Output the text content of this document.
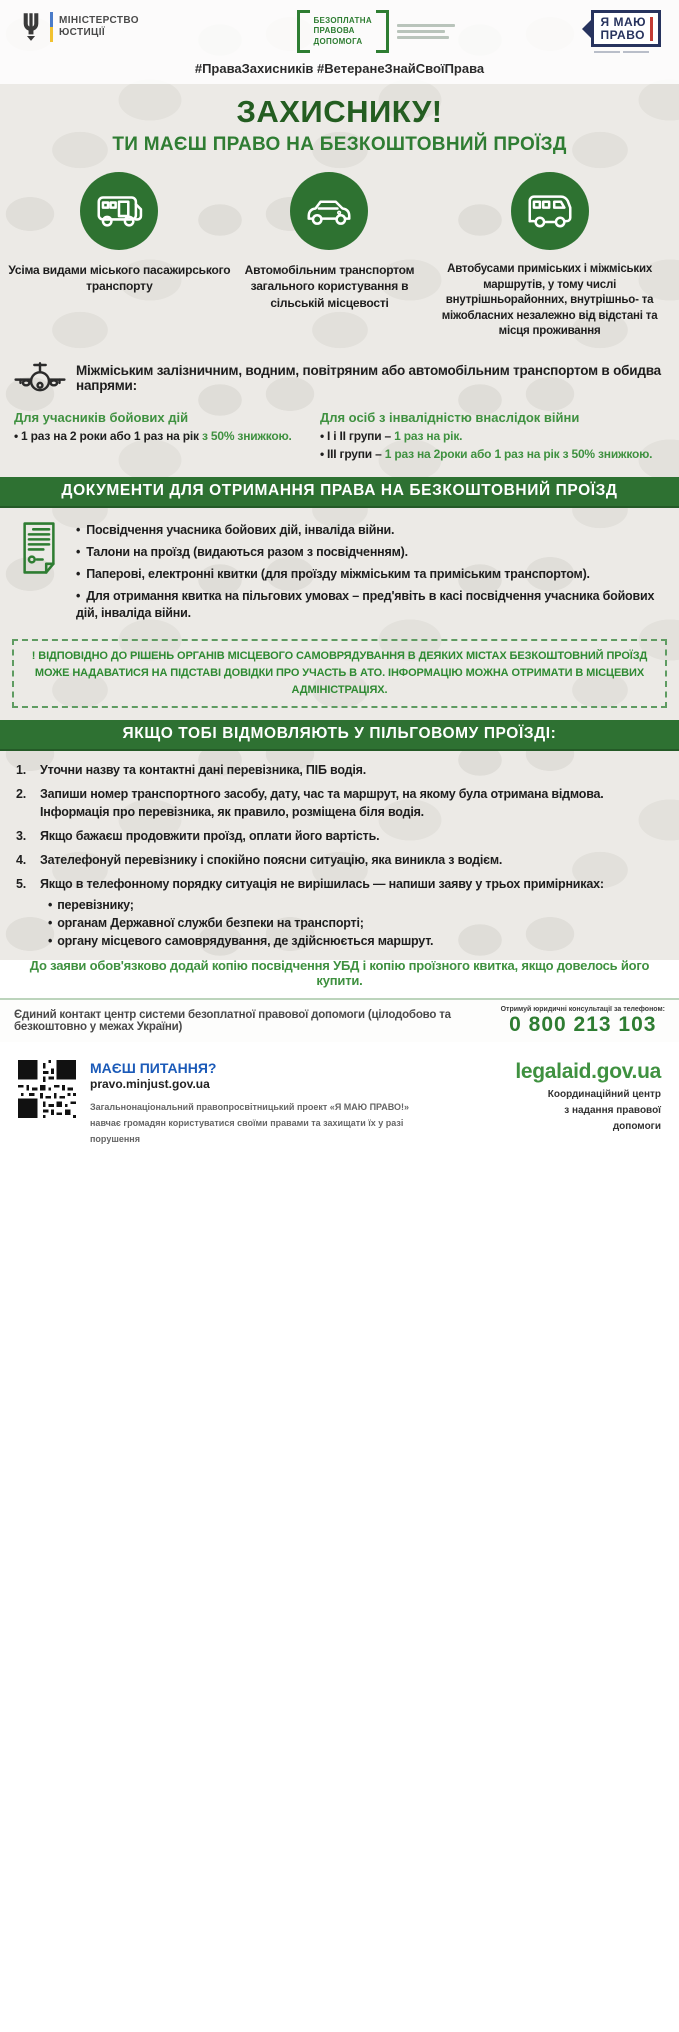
МІНІСТЕРСТВО
ЮСТИЦІЇ
БЕЗОПЛАТНА
ПРАВОВА
ДОПОМОГА
Я МАЮ
ПРАВО
#ПраваЗахисників #ВетеранеЗнайСвоїПрава
ЗАХИСНИКУ!
ТИ МАЄШ ПРАВО НА БЕЗКОШТОВНИЙ ПРОЇЗД
Усіма видами міського пасажирського транспорту
Автомобільним транспортом загального користування в сільській місцевості
Автобусами приміських і міжміських маршрутів, у тому числі внутрішньорайонних, внутрішньо- та міжобласних незалежно від відстані та місця проживання
Міжміським залізничним, водним, повітряним або автомобільним транспортом в обидва напрями:
Для учасників бойових дій
• 1 раз на 2 роки або 1 раз на рік з 50% знижкою.
Для осіб з інвалідністю внаслідок війни
• І і ІІ групи – 1 раз на рік.
• ІІІ групи – 1 раз на 2роки або 1 раз на рік з 50% знижкою.
ДОКУМЕНТИ ДЛЯ ОТРИМАННЯ ПРАВА НА БЕЗКОШТОВНИЙ ПРОЇЗД
• Посвідчення учасника бойових дій, інваліда війни.
• Талони на проїзд (видаються разом з посвідченням).
• Паперові, електронні квитки (для проїзду міжміським та приміським транспортом).
• Для отримання квитка на пільгових умовах – пред'явіть в касі посвідчення учасника бойових дій, інваліда війни.
! ВІДПОВІДНО ДО РІШЕНЬ ОРГАНІВ МІСЦЕВОГО САМОВРЯДУВАННЯ В ДЕЯКИХ МІСТАХ БЕЗКОШТОВНИЙ ПРОЇЗД МОЖЕ НАДАВАТИСЯ НА ПІДСТАВІ ДОВІДКИ ПРО УЧАСТЬ В АТО. ІНФОРМАЦІЮ МОЖНА ОТРИМАТИ В МІСЦЕВИХ АДМІНІСТРАЦІЯХ.
ЯКЩО ТОБІ ВІДМОВЛЯЮТЬ У ПІЛЬГОВОМУ ПРОЇЗДІ:
Уточни назву та контактні дані перевізника, ПІБ водія.
Запиши номер транспортного засобу, дату, час та маршрут, на якому була отримана відмова. Інформація про перевізника, як правило, розміщена біля водія.
Якщо бажаєш продовжити проїзд, оплати його вартість.
Зателефонуй перевізнику і спокійно поясни ситуацію, яка виникла з водієм.
Якщо в телефонному порядку ситуація не вирішилась — напиши заяву у трьох примірниках:
• перевізнику;
• органам Державної служби безпеки на транспорті;
• органу місцевого самоврядування, де здійснюється маршрут.
До заяви обов'язково додай копію посвідчення УБД і копію проїзного квитка, якщо довелось його купити.
Єдиний контакт центр системи безоплатної правової допомоги (цілодобово та безкоштовно у межах України)
Отримуй юридичні консультації за телефоном:
0 800 213 103
МАЄШ ПИТАННЯ?
pravo.minjust.gov.ua
Загальнонаціональний правопросвітницький проект «Я МАЮ ПРАВО!» навчає громадян користуватися своїми правами та захищати їх у разі порушення
legalaid.gov.ua
Координаційний центр
з надання правової
допомоги
